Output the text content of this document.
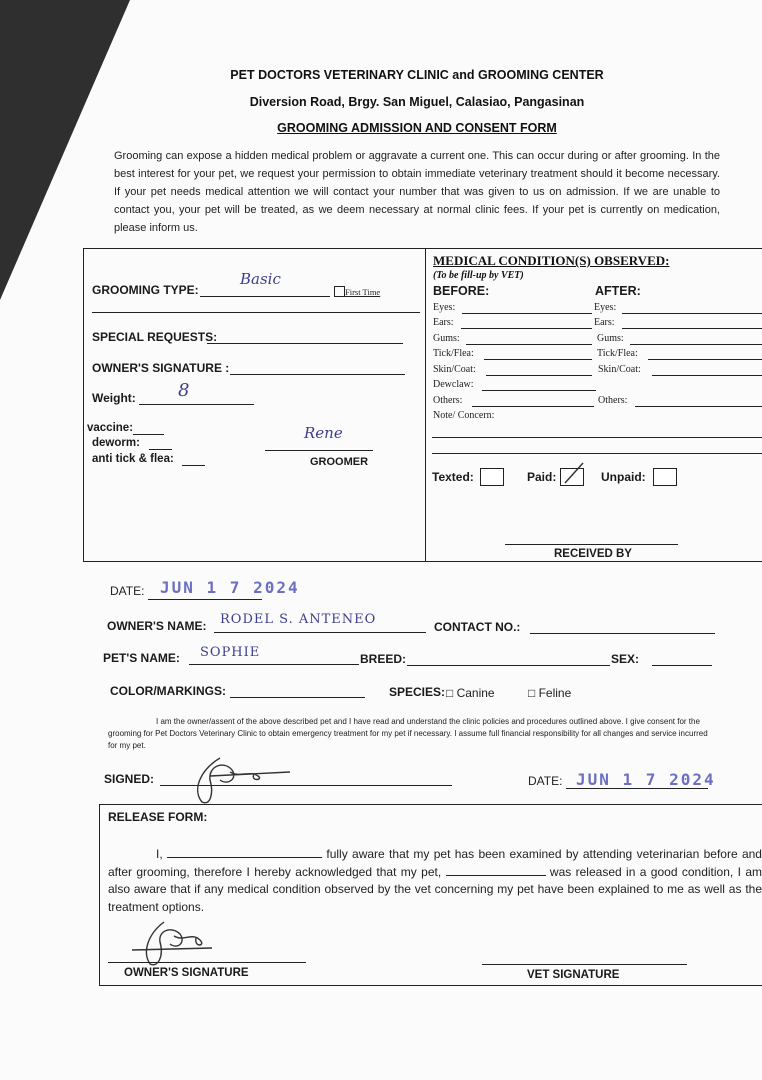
PET DOCTORS VETERINARY CLINIC and GROOMING CENTER
Diversion Road, Brgy. San Miguel, Calasiao, Pangasinan
GROOMING ADMISSION AND CONSENT FORM
Grooming can expose a hidden medical problem or aggravate a current one. This can occur during or after grooming. In the best interest for your pet, we request your permission to obtain immediate veterinary treatment should it become necessary. If your pet needs medical attention we will contact your number that was given to us on admission. If we are unable to contact you, your pet will be treated, as we deem necessary at normal clinic fees. If your pet is currently on medication, please inform us.
GROOMING TYPE:
Basic
First Time
SPECIAL REQUESTS:
OWNER'S SIGNATURE :
Weight: 8
vaccine:
deworm:
anti tick & flea:
Rene
GROOMER
MEDICAL CONDITION(S) OBSERVED:
(To be fill-up by VET)
BEFORE:	AFTER:
Eyes:	Eyes:
Ears:	Ears:
Gums:	Gums:
Tick/Flea:	Tick/Flea:
Skin/Coat:	Skin/Coat:
Dewclaw:
Others:	Others:
Note/ Concern:
Texted:	Paid:	Unpaid:
RECEIVED BY
DATE: JUN 1 7 2024
OWNER'S NAME: RODEL S. ANTENEO	CONTACT NO.:
PET'S NAME: SOPHIE	BREED:	SEX:
COLOR/MARKINGS:	SPECIES: □ Canine	□ Feline
I am the owner/assent of the above described pet and I have read and understand the clinic policies and procedures outlined above. I give consent for the grooming for Pet Doctors Veterinary Clinic to obtain emergency treatment for my pet if necessary. I assume full financial responsibility for all changes and service incurred for my pet.
SIGNED:	DATE: JUN 1 7 2024
RELEASE FORM:
I,	fully aware that my pet has been examined by attending veterinarian before and after grooming, therefore I hereby acknowledged that my pet,	was released in a good condition, I am also aware that if any medical condition observed by the vet concerning my pet have been explained to me as well as the treatment options.
OWNER'S SIGNATURE	VET SIGNATURE
